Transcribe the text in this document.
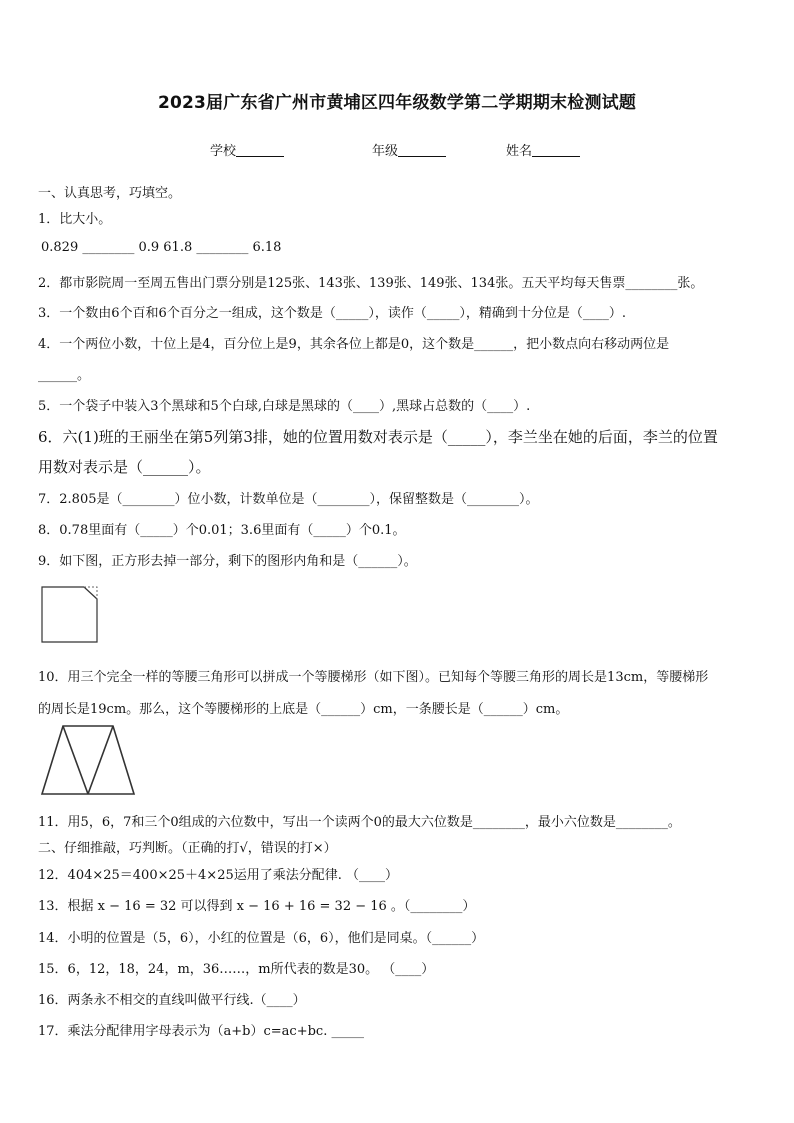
2023届广东省广州市黄埔区四年级数学第二学期期末检测试题
学校	年级	姓名
一、认真思考，巧填空。
1．比大小。
0.829 ________ 0.9 61.8 ________ 6.18
2．都市影院周一至周五售出门票分别是125张、143张、139张、149张、134张。五天平均每天售票________张。
3．一个数由6个百和6个百分之一组成，这个数是（_____），读作（_____），精确到十分位是（____）.
4．一个两位小数，十位上是4，百分位上是9，其余各位上都是0，这个数是______，把小数点向右移动两位是
______。
5．一个袋子中装入3个黑球和5个白球,白球是黑球的（____）,黑球占总数的（____）.
6．六(1)班的王丽坐在第5列第3排，她的位置用数对表示是（_____），李兰坐在她的后面，李兰的位置
用数对表示是（______）。
7．2.805是（________）位小数，计数单位是（________），保留整数是（________）。
8．0.78里面有（_____）个0.01；3.6里面有（_____）个0.1。
9．如下图，正方形去掉一部分，剩下的图形内角和是（______）。
10．用三个完全一样的等腰三角形可以拼成一个等腰梯形（如下图）。已知每个等腰三角形的周长是13cm，等腰梯形
的周长是19cm。那么，这个等腰梯形的上底是（______）cm，一条腰长是（______）cm。
11．用5，6，7和三个0组成的六位数中，写出一个读两个0的最大六位数是________，最小六位数是________。
二、仔细推敲，巧判断。（正确的打√，错误的打×）
12．404×25＝400×25＋4×25运用了乘法分配律. （____）
13．根据 x − 16 = 32 可以得到 x − 16 + 16 = 32 − 16 。（________）
14．小明的位置是（5，6），小红的位置是（6，6），他们是同桌。（______）
15．6，12，18，24，m，36……，m所代表的数是30。 （____）
16．两条永不相交的直线叫做平行线.（____）
17．乘法分配律用字母表示为（a+b）c=ac+bc. _____
